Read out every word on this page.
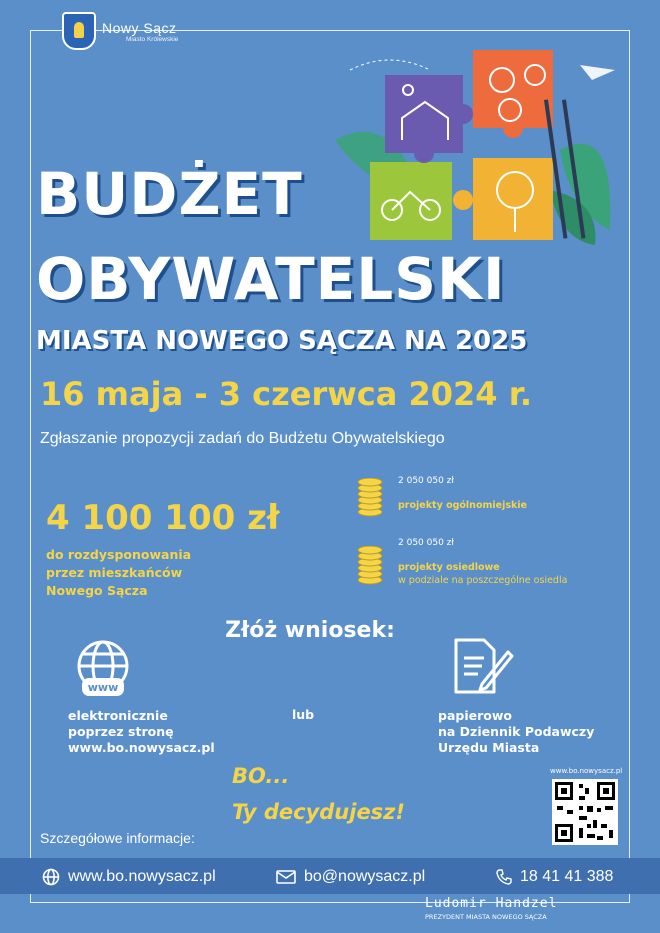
Nowy Sącz
Miasto Królewskie
BUDŻET
OBYWATELSKI
MIASTA NOWEGO SĄCZA NA 2025
16 maja - 3 czerwca 2024 r.
Zgłaszanie propozycji zadań do Budżetu Obywatelskiego
4 100 100 zł
do rozdysponowania
przez mieszkańców
Nowego Sącza
2 050 050 zł
projekty ogólnomiejskie
2 050 050 zł
projekty osiedlowe
w podziale na poszczególne osiedla
Złóż wniosek:
www
elektronicznie
poprzez stronę
www.bo.nowysacz.pl
lub	papierowo
na Dziennik Podawczy
Urzędu Miasta
BO...
Ty decydujesz!
www.bo.nowysacz.pl
Szczegółowe informacje:
www.bo.nowysacz.pl	bo@nowysacz.pl	18 41 41 388
Ludomir Handzel
PREZYDENT MIASTA NOWEGO SĄCZA
